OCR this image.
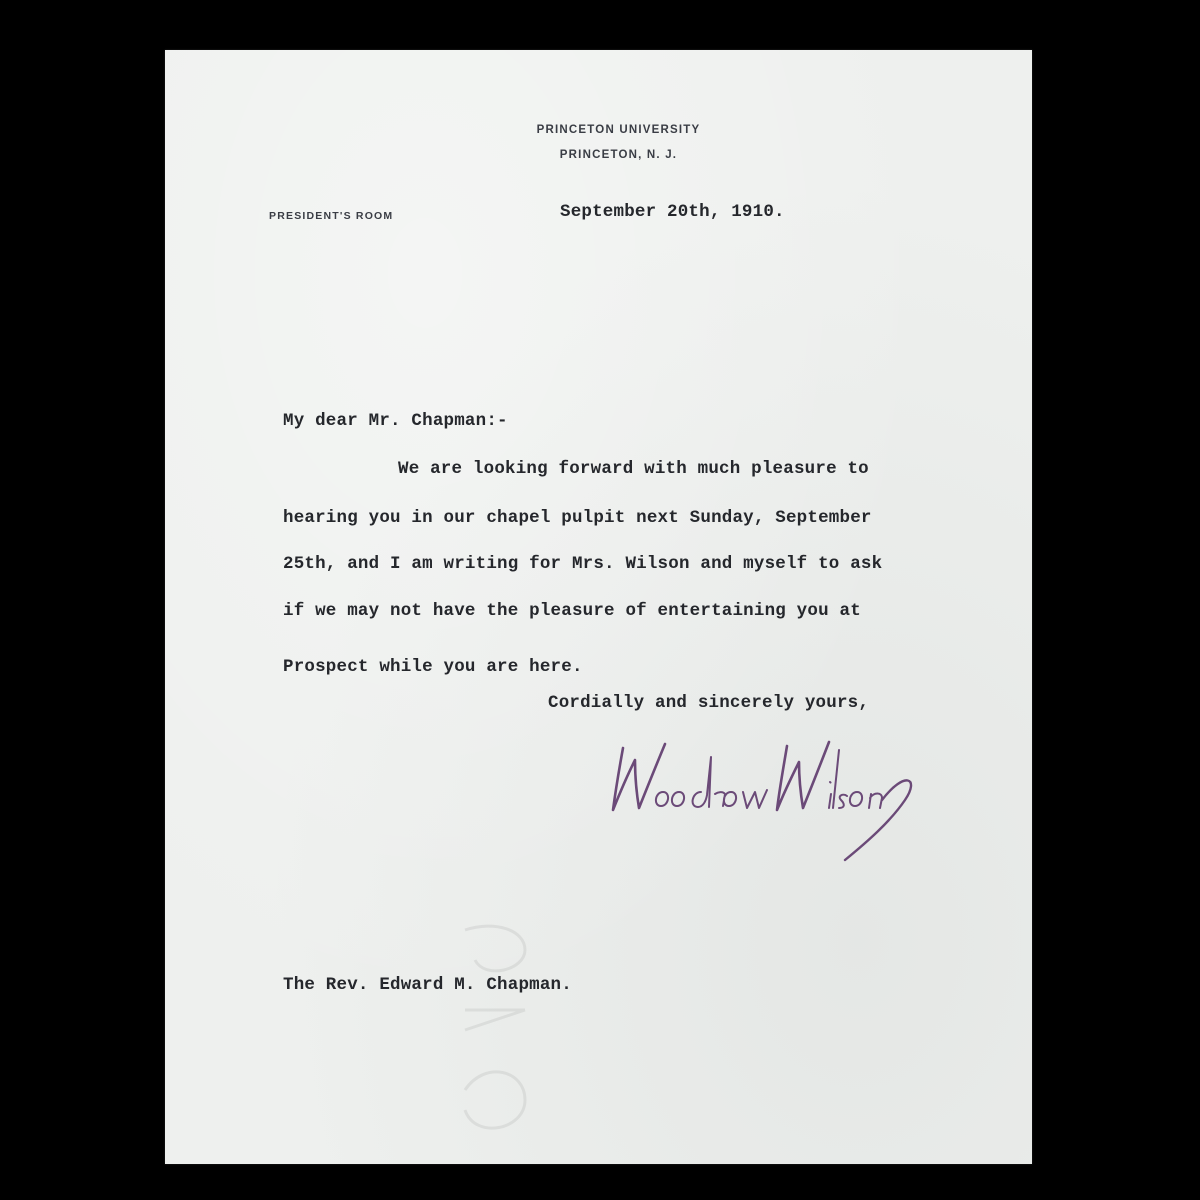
PRINCETON UNIVERSITY
PRINCETON, N. J.
PRESIDENT'S ROOM	September 20th, 1910.
My dear Mr. Chapman:-
We are looking forward with much pleasure to
hearing you in our chapel pulpit next Sunday, September
25th, and I am writing for Mrs. Wilson and myself to ask
if we may not have the pleasure of entertaining you at
Prospect while you are here.
Cordially and sincerely yours,
The Rev. Edward M. Chapman.
